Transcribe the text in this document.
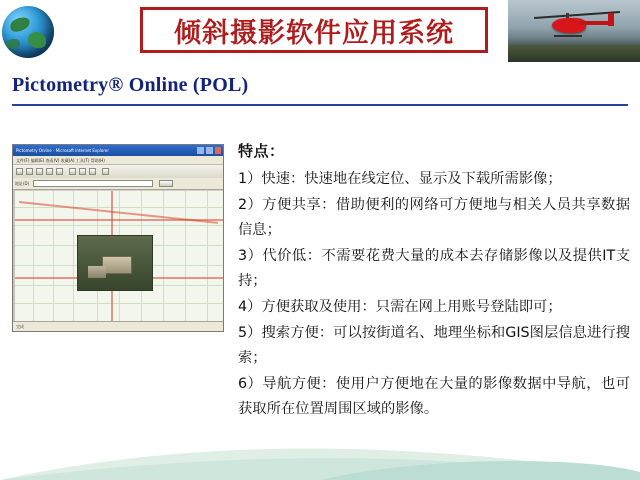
倾斜摄影软件应用系统
Pictometry® Online (POL)
Pictometry Online - Microsoft Internet Explorer
文件(F) 编辑(E) 查看(V) 收藏(A) 工具(T) 帮助(H)
地址(D)
完成
特点：
1）快速：快速地在线定位、显示及下载所需影像；
2）方便共享：借助便利的网络可方便地与相关人员共享数据信息；
3）代价低：不需要花费大量的成本去存储影像以及提供IT支持；
4）方便获取及使用：只需在网上用账号登陆即可；
5）搜索方便：可以按街道名、地理坐标和GIS图层信息进行搜索；
6）导航方便：使用户方便地在大量的影像数据中导航，也可获取所在位置周围区域的影像。
